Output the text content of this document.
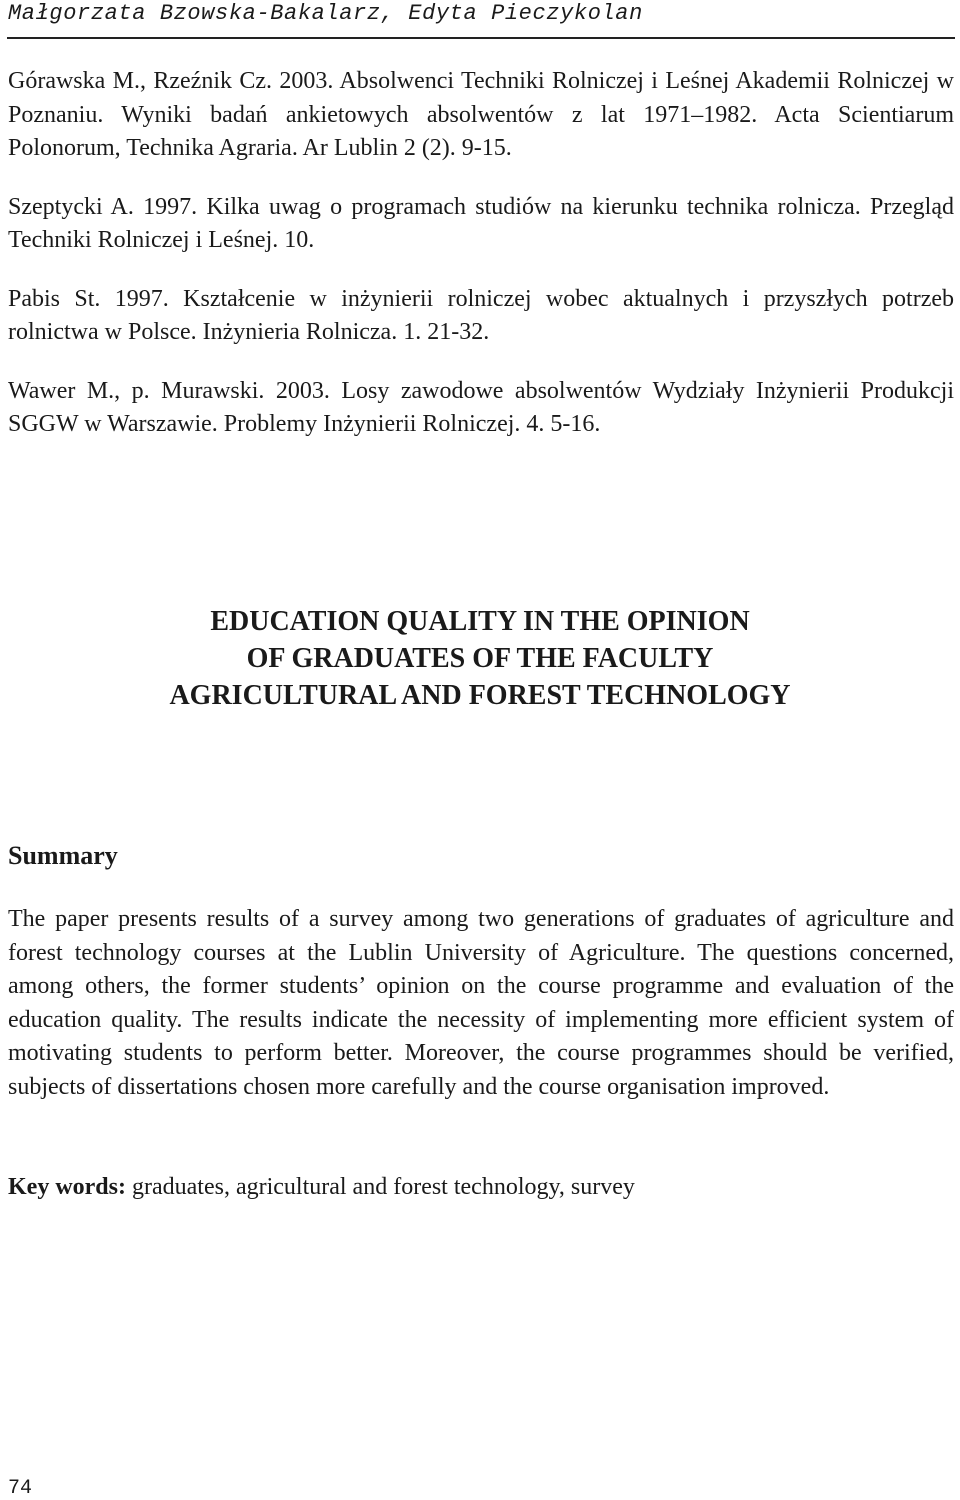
Małgorzata Bzowska-Bakalarz, Edyta Pieczykolan

Górawska M., Rzeźnik Cz. 2003. Absolwenci Techniki Rolniczej i Leśnej Akademii Rolniczej w Poznaniu. Wyniki badań ankietowych absolwentów z lat 1971–1982. Acta Scientiarum Polonorum, Technika Agraria. Ar Lublin 2 (2). 9-15.

Szeptycki A. 1997. Kilka uwag o programach studiów na kierunku technika rolnicza. Przegląd Techniki Rolniczej i Leśnej. 10.

Pabis St. 1997. Kształcenie w inżynierii rolniczej wobec aktualnych i przyszłych potrzeb rolnictwa w Polsce. Inżynieria Rolnicza. 1. 21-32.

Wawer M., p. Murawski. 2003. Losy zawodowe absolwentów Wydziały Inżynierii Produkcji SGGW w Warszawie. Problemy Inżynierii Rolniczej. 4. 5-16.

EDUCATION QUALITY IN THE OPINION
OF GRADUATES OF THE FACULTY
AGRICULTURAL AND FOREST TECHNOLOGY
Summary

The paper presents results of a survey among two generations of graduates of agriculture and forest technology courses at the Lublin University of Agriculture. The questions concerned, among others, the former students’ opinion on the course programme and evaluation of the education quality. The results indicate the necessity of implementing more efficient system of motivating students to perform better. Moreover, the course programmes should be verified, subjects of dissertations chosen more carefully and the course organisation improved.

Key words: graduates, agricultural and forest technology, survey
74
